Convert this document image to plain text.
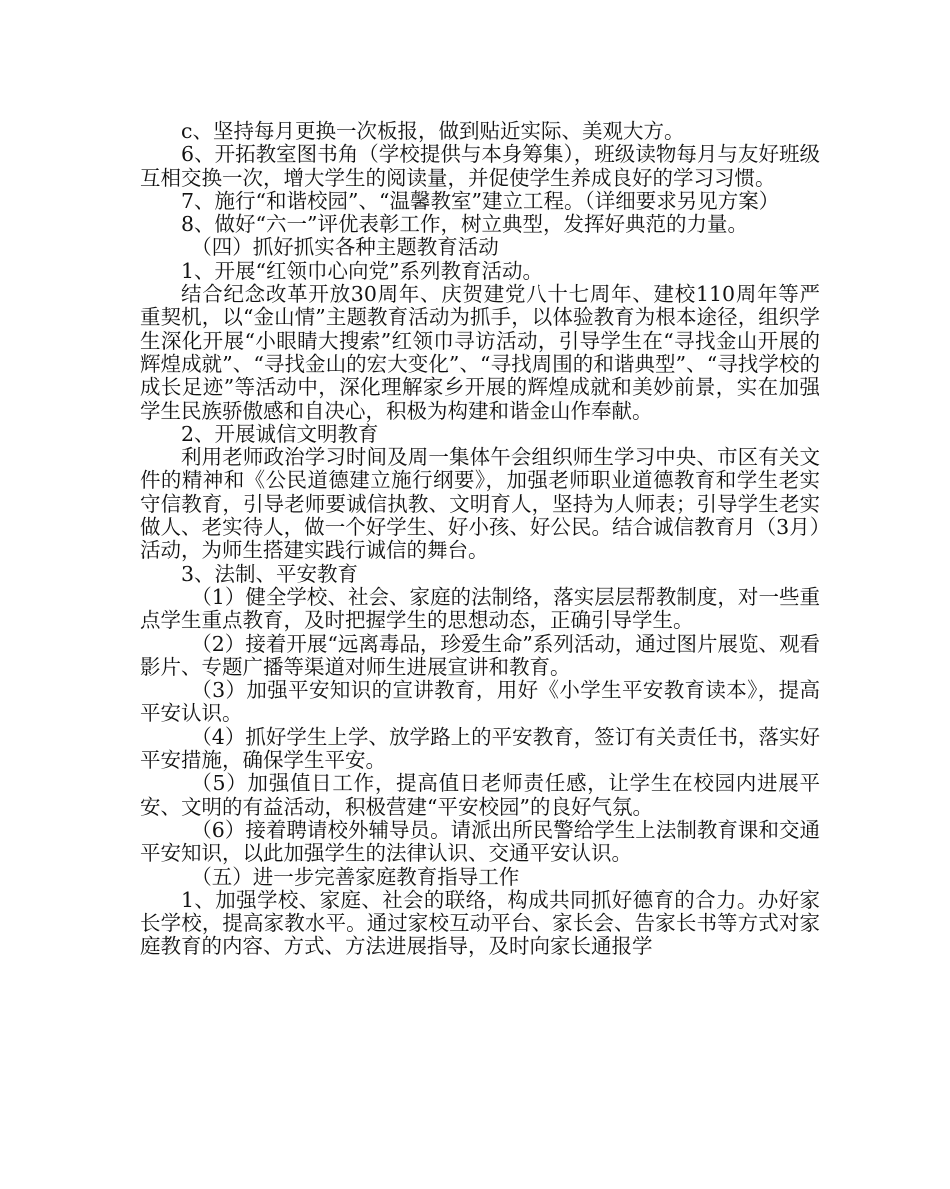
c、坚持每月更换一次板报，做到贴近实际、美观大方。

6、开拓教室图书角（学校提供与本身筹集），班级读物每月与友好班级互相交换一次，增大学生的阅读量，并促使学生养成良好的学习习惯。

7、施行“和谐校园”、“温馨教室”建立工程。（详细要求另见方案）

8、做好“六一”评优表彰工作，树立典型，发挥好典范的力量。

（四）抓好抓实各种主题教育活动

1、开展“红领巾心向党”系列教育活动。

结合纪念改革开放30周年、庆贺建党八十七周年、建校110周年等严重契机，以“金山情”主题教育活动为抓手，以体验教育为根本途径，组织学生深化开展“小眼睛大搜索”红领巾寻访活动，引导学生在“寻找金山开展的辉煌成就”、“寻找金山的宏大变化”、“寻找周围的和谐典型”、“寻找学校的成长足迹”等活动中，深化理解家乡开展的辉煌成就和美妙前景，实在加强学生民族骄傲感和自决心，积极为构建和谐金山作奉献。

2、开展诚信文明教育

利用老师政治学习时间及周一集体午会组织师生学习中央、市区有关文件的精神和《公民道德建立施行纲要》，加强老师职业道德教育和学生老实守信教育，引导老师要诚信执教、文明育人，坚持为人师表；引导学生老实做人、老实待人，做一个好学生、好小孩、好公民。结合诚信教育月（3月）活动，为师生搭建实践行诚信的舞台。

3、法制、平安教育

（1）健全学校、社会、家庭的法制络，落实层层帮教制度，对一些重点学生重点教育，及时把握学生的思想动态，正确引导学生。

（2）接着开展“远离毒品，珍爱生命”系列活动，通过图片展览、观看影片、专题广播等渠道对师生进展宣讲和教育。

（3）加强平安知识的宣讲教育，用好《小学生平安教育读本》，提高平安认识。

（4）抓好学生上学、放学路上的平安教育，签订有关责任书，落实好平安措施，确保学生平安。

（5）加强值日工作，提高值日老师责任感，让学生在校园内进展平安、文明的有益活动，积极营建“平安校园”的良好气氛。

（6）接着聘请校外辅导员。请派出所民警给学生上法制教育课和交通平安知识，以此加强学生的法律认识、交通平安认识。

（五）进一步完善家庭教育指导工作

1、加强学校、家庭、社会的联络，构成共同抓好德育的合力。办好家长学校，提高家教水平。通过家校互动平台、家长会、告家长书等方式对家庭教育的内容、方式、方法进展指导，及时向家长通报学
